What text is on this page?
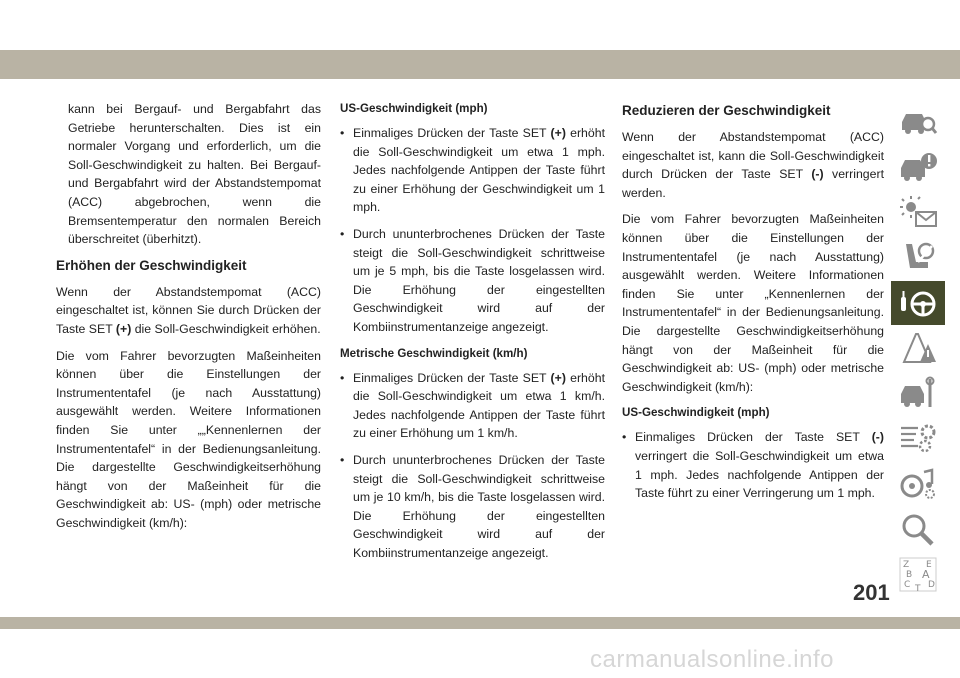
kann bei Bergauf- und Bergabfahrt das Getriebe herunterschalten. Dies ist ein normaler Vorgang und erforderlich, um die Soll-Geschwindigkeit zu halten. Bei Bergauf- und Bergabfahrt wird der Abstandstempomat (ACC) abgebrochen, wenn die Bremsentemperatur den normalen Bereich überschreitet (überhitzt).

Erhöhen der Geschwindigkeit

Wenn der Abstandstempomat (ACC) eingeschaltet ist, können Sie durch Drücken der Taste SET (+) die Soll-Geschwindigkeit erhöhen.

Die vom Fahrer bevorzugten Maßeinheiten können über die Einstellungen der Instrumententafel (je nach Ausstattung) ausgewählt werden. Weitere Informationen finden Sie unter „„Kennenlernen der Instrumententafel“ in der Bedienungsanleitung. Die dargestellte Geschwindigkeitserhöhung hängt von der Maßeinheit für die Geschwindigkeit ab: US- (mph) oder metrische Geschwindigkeit (km/h):

US-Geschwindigkeit (mph)
• Einmaliges Drücken der Taste SET (+) erhöht die Soll-Geschwindigkeit um etwa 1 mph. Jedes nachfolgende Antippen der Taste führt zu einer Erhöhung der Geschwindigkeit um 1 mph.
• Durch ununterbrochenes Drücken der Taste steigt die Soll-Geschwindigkeit schrittweise um je 5 mph, bis die Taste losgelassen wird. Die Erhöhung der eingestellten Geschwindigkeit wird auf der Kombiinstrumentanzeige angezeigt.
Metrische Geschwindigkeit (km/h)
• Einmaliges Drücken der Taste SET (+) erhöht die Soll-Geschwindigkeit um etwa 1 km/h. Jedes nachfolgende Antippen der Taste führt zu einer Erhöhung um 1 km/h.
• Durch ununterbrochenes Drücken der Taste steigt die Soll-Geschwindigkeit schrittweise um je 10 km/h, bis die Taste losgelassen wird. Die Erhöhung der eingestellten Geschwindigkeit wird auf der Kombiinstrumentanzeige angezeigt.
Reduzieren der Geschwindigkeit

Wenn der Abstandstempomat (ACC) eingeschaltet ist, kann die Soll-Geschwindigkeit durch Drücken der Taste SET (-) verringert werden.

Die vom Fahrer bevorzugten Maßeinheiten können über die Einstellungen der Instrumententafel (je nach Ausstattung) ausgewählt werden. Weitere Informationen finden Sie unter „Kennenlernen der Instrumententafel“ in der Bedienungsanleitung. Die dargestellte Geschwindigkeitserhöhung hängt von der Maßeinheit für die Geschwindigkeit ab: US- (mph) oder metrische Geschwindigkeit (km/h):

US-Geschwindigkeit (mph)
• Einmaliges Drücken der Taste SET (-) verringert die Soll-Geschwindigkeit um etwa 1 mph. Jedes nachfolgende Antippen der Taste führt zu einer Verringerung um 1 mph.
Z E
B A
C D
T
201
carmanualsonline.info
